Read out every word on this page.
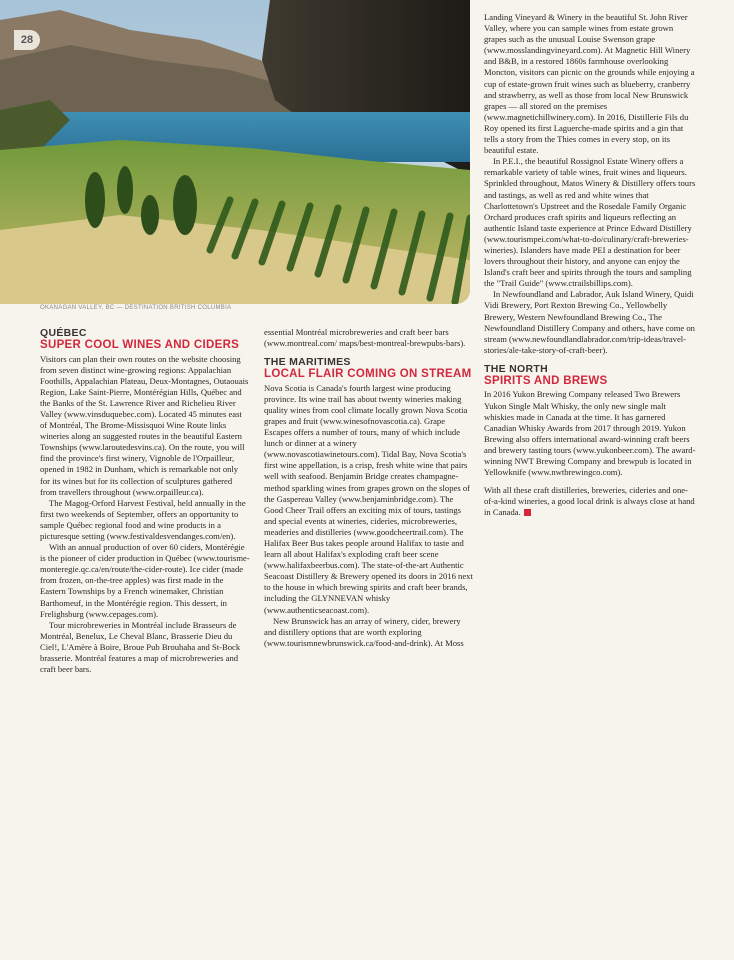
28
OKANAGAN VALLEY, BC — DESTINATION BRITISH COLUMBIA
QUÉBEC
SUPER COOL WINES AND CIDERS

Visitors can plan their own routes on the website choosing from seven distinct wine-growing regions: Appalachian Foothills, Appalachian Plateau, Deux-Montagnes, Outaouais Region, Lake Saint-Pierre, Montérégian Hills, Québec and the Banks of the St. Lawrence River and Richelieu River Valley (www.vinsduquebec.com). Located 45 minutes east of Montréal, The Brome-Missisquoi Wine Route links wineries along an suggested routes in the beautiful Eastern Townships (www.laroutedesvins.ca). On the route, you will find the province's first winery, Vignoble de l'Orpailleur, opened in 1982 in Dunham, which is remarkable not only for its wines but for its collection of sculptures gathered from travellers throughout (www.orpailleur.ca).

The Magog-Orford Harvest Festival, held annually in the first two weekends of September, offers an opportunity to sample Québec regional food and wine products in a picturesque setting (www.festivaldesvendanges.com/en).

With an annual production of over 60 ciders, Montérégie is the pioneer of cider production in Québec (www.tourisme-monteregie.qc.ca/en/route/the-cider-route). Ice cider (made from frozen, on-the-tree apples) was first made in the Eastern Townships by a French winemaker, Christian Barthomeuf, in the Montérégie region. This dessert, in Frelighsburg (www.cepages.com).

Tour microbreweries in Montréal include Brasseurs de Montréal, Benelux, Le Cheval Blanc, Brasserie Dieu du Ciel!, L'Amère à Boire, Broue Pub Brouhaha and St-Bock brasserie. Montréal features a map of microbreweries and craft beer bars.

essential Montréal microbreweries and craft beer bars (www.montreal.com/ maps/best-montreal-brewpubs-bars).

THE MARITIMES
LOCAL FLAIR COMING ON STREAM

Nova Scotia is Canada's fourth largest wine producing province. Its wine trail has about twenty wineries making quality wines from cool climate locally grown Nova Scotia grapes and fruit (www.winesofnovascotia.ca). Grape Escapes offers a number of tours, many of which include lunch or dinner at a winery (www.novascotiawinetours.com). Tidal Bay, Nova Scotia's first wine appellation, is a crisp, fresh white wine that pairs well with seafood. Benjamin Bridge creates champagne-method sparkling wines from grapes grown on the slopes of the Gaspereau Valley (www.benjaminbridge.com). The Good Cheer Trail offers an exciting mix of tours, tastings and special events at wineries, cideries, microbreweries, meaderies and distilleries (www.goodcheertrail.com). The Halifax Beer Bus takes people around Halifax to taste and learn all about Halifax's exploding craft beer scene (www.halifaxbeerbus.com). The state-of-the-art Authentic Seacoast Distillery & Brewery opened its doors in 2016 next to the house in which brewing spirits and craft beer brands, including the GLYNNEVAN whisky (www.authenticseacoast.com).

New Brunswick has an array of winery, cider, brewery and distillery options that are worth exploring (www.tourismnewbrunswick.ca/food-and-drink). At Moss

Landing Vineyard & Winery in the beautiful St. John River Valley, where you can sample wines from estate grown grapes such as the unusual Louise Swenson grape (www.mosslandingvineyard.com). At Magnetic Hill Winery and B&B, in a restored 1860s farmhouse overlooking Moncton, visitors can picnic on the grounds while enjoying a cup of estate-grown fruit wines such as blueberry, cranberry and strawberry, as well as those from local New Brunswick grapes — all stored on the premises (www.magnetichillwinery.com). In 2016, Distillerie Fils du Roy opened its first Laguerche-made spirits and a gin that tells a story from the Thies comes in every stop, on its beautiful estate.

In P.E.I., the beautiful Rossignol Estate Winery offers a remarkable variety of table wines, fruit wines and liqueurs. Sprinkled throughout, Matos Winery & Distillery offers tours and tastings, as well as red and white wines that Charlottetown's Upstreet and the Rosedale Family Organic Orchard produces craft spirits and liqueurs reflecting an authentic Island taste experience at Prince Edward Distillery (www.tourismpei.com/what-to-do/culinary/craft-breweries-wineries). Islanders have made PEI a destination for beer lovers throughout their history, and anyone can enjoy the Island's craft beer and spirits through the tours and sampling the "Trail Guide" (www.ctrailsbillips.com).

In Newfoundland and Labrador, Auk Island Winery, Quidi Vidi Brewery, Port Rexton Brewing Co., Yellowbelly Brewery, Western Newfoundland Brewing Co., The Newfoundland Distillery Company and others, have come on stream (www.newfoundlandlabrador.com/trip-ideas/travel-stories/ale-take-story-of-craft-beer).

THE NORTH
SPIRITS AND BREWS

In 2016 Yukon Brewing Company released Two Brewers Yukon Single Malt Whisky, the only new single malt whiskies made in Canada at the time. It has garnered Canadian Whisky Awards from 2017 through 2019. Yukon Brewing also offers international award-winning craft beers and brewery tasting tours (www.yukonbeer.com). The award-winning NWT Brewing Company and brewpub is located in Yellowknife (www.nwtbrewingco.com).

With all these craft distilleries, breweries, cideries and one-of-a-kind wineries, a good local drink is always close at hand in Canada.
